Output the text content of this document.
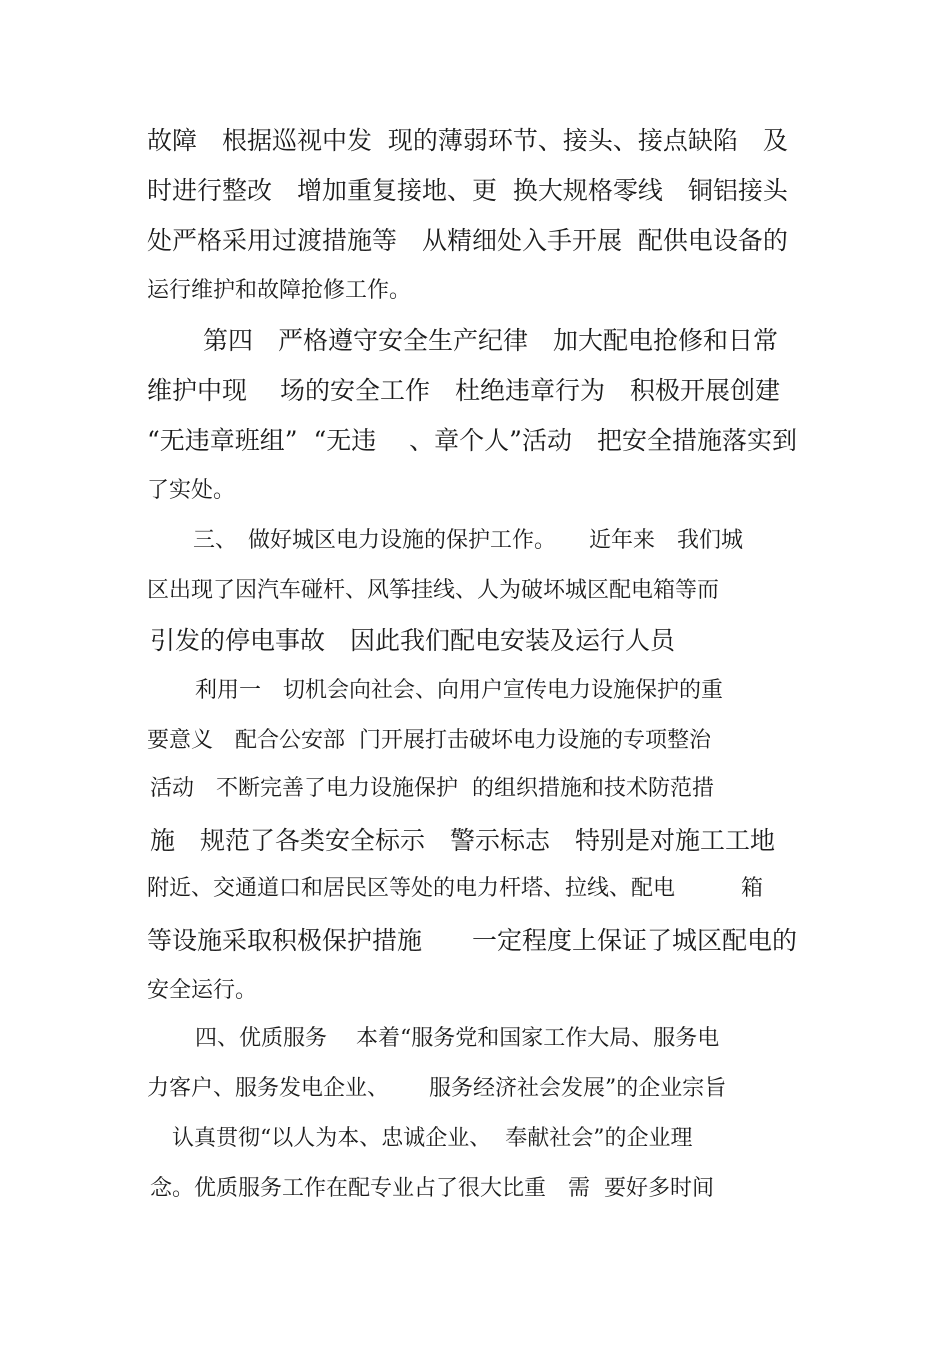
故障　根据巡视中发  现的薄弱环节、接头、接点缺陷　及
时进行整改　增加重复接地、更  换大规格零线　铜铝接头
处严格采用过渡措施等　从精细处入手开展  配供电设备的
运行维护和故障抢修工作。
第四　严格遵守安全生产纪律　加大配电抢修和日常
维护中现　 场的安全工作　杜绝违章行为　积极开展创建
“无违章班组”  “无违 　、章个人”活动　把安全措施落实到
了实处。
三、　做好城区电力设施的保护工作。　　近年来　我们城
区出现了因汽车碰杆、风筝挂线、人为破坏城区配电箱等而
引发的停电事故　因此我们配电安装及运行人员
利用一　切机会向社会、向用户宣传电力设施保护的重
要意义　配合公安部  门开展打击破坏电力设施的专项整治
活动　不断完善了电力设施保护  的组织措施和技术防范措
施　规范了各类安全标示　警示标志　特别是对施工工地
附近、交通道口和居民区等处的电力杆塔、拉线、配电　　　箱
等设施采取积极保护措施　　一定程度上保证了城区配电的
安全运行。
四、优质服务　 本着“服务党和国家工作大局、服务电
力客户、服务发电企业、　　 服务经济社会发展”的企业宗旨
认真贯彻“以人为本、忠诚企业、  奉献社会”的企业理
念。优质服务工作在配专业占了很大比重　需  要好多时间
